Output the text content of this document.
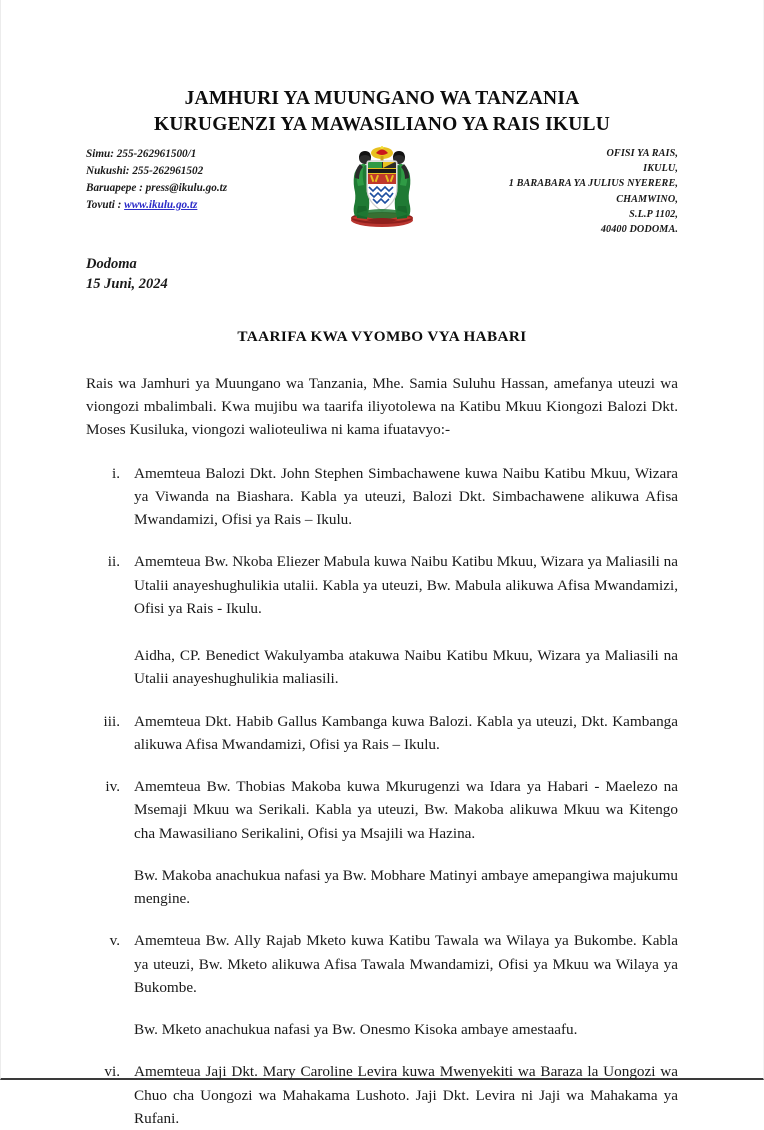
JAMHURI YA MUUNGANO WA TANZANIA
KURUGENZI YA MAWASILIANO YA RAIS IKULU
Simu: 255-262961500/1
Nukushi: 255-262961502
Baruapepe : press@ikulu.go.tz
Tovuti : www.ikulu.go.tz
OFISI YA RAIS,
IKULU,
1 BARABARA YA JULIUS NYERERE,
CHAMWINO,
S.L.P 1102,
40400 DODOMA.
Dodoma
15 Juni, 2024
TAARIFA KWA VYOMBO VYA HABARI

Rais wa Jamhuri ya Muungano wa Tanzania, Mhe. Samia Suluhu Hassan, amefanya uteuzi wa viongozi mbalimbali. Kwa mujibu wa taarifa iliyotolewa na Katibu Mkuu Kiongozi Balozi Dkt. Moses Kusiluka, viongozi walioteuliwa ni kama ifuatavyo:-

i. Amemteua Balozi Dkt. John Stephen Simbachawene kuwa Naibu Katibu Mkuu, Wizara ya Viwanda na Biashara. Kabla ya uteuzi, Balozi Dkt. Simbachawene alikuwa Afisa Mwandamizi, Ofisi ya Rais – Ikulu.
ii. Amemteua Bw. Nkoba Eliezer Mabula kuwa Naibu Katibu Mkuu, Wizara ya Maliasili na Utalii anayeshughulikia utalii. Kabla ya uteuzi, Bw. Mabula alikuwa Afisa Mwandamizi, Ofisi ya Rais - Ikulu.
Aidha, CP. Benedict Wakulyamba atakuwa Naibu Katibu Mkuu, Wizara ya Maliasili na Utalii anayeshughulikia maliasili.
iii. Amemteua Dkt. Habib Gallus Kambanga kuwa Balozi. Kabla ya uteuzi, Dkt. Kambanga alikuwa Afisa Mwandamizi, Ofisi ya Rais – Ikulu.
iv. Amemteua Bw. Thobias Makoba kuwa Mkurugenzi wa Idara ya Habari - Maelezo na Msemaji Mkuu wa Serikali. Kabla ya uteuzi, Bw. Makoba alikuwa Mkuu wa Kitengo cha Mawasiliano Serikalini, Ofisi ya Msajili wa Hazina.
Bw. Makoba anachukua nafasi ya Bw. Mobhare Matinyi ambaye amepangiwa majukumu mengine.
v. Amemteua Bw. Ally Rajab Mketo kuwa Katibu Tawala wa Wilaya ya Bukombe. Kabla ya uteuzi, Bw. Mketo alikuwa Afisa Tawala Mwandamizi, Ofisi ya Mkuu wa Wilaya ya Bukombe.
Bw. Mketo anachukua nafasi ya Bw. Onesmo Kisoka ambaye amestaafu.
vi. Amemteua Jaji Dkt. Mary Caroline Levira kuwa Mwenyekiti wa Baraza la Uongozi wa Chuo cha Uongozi wa Mahakama Lushoto. Jaji Dkt. Levira ni Jaji wa Mahakama ya Rufani.
